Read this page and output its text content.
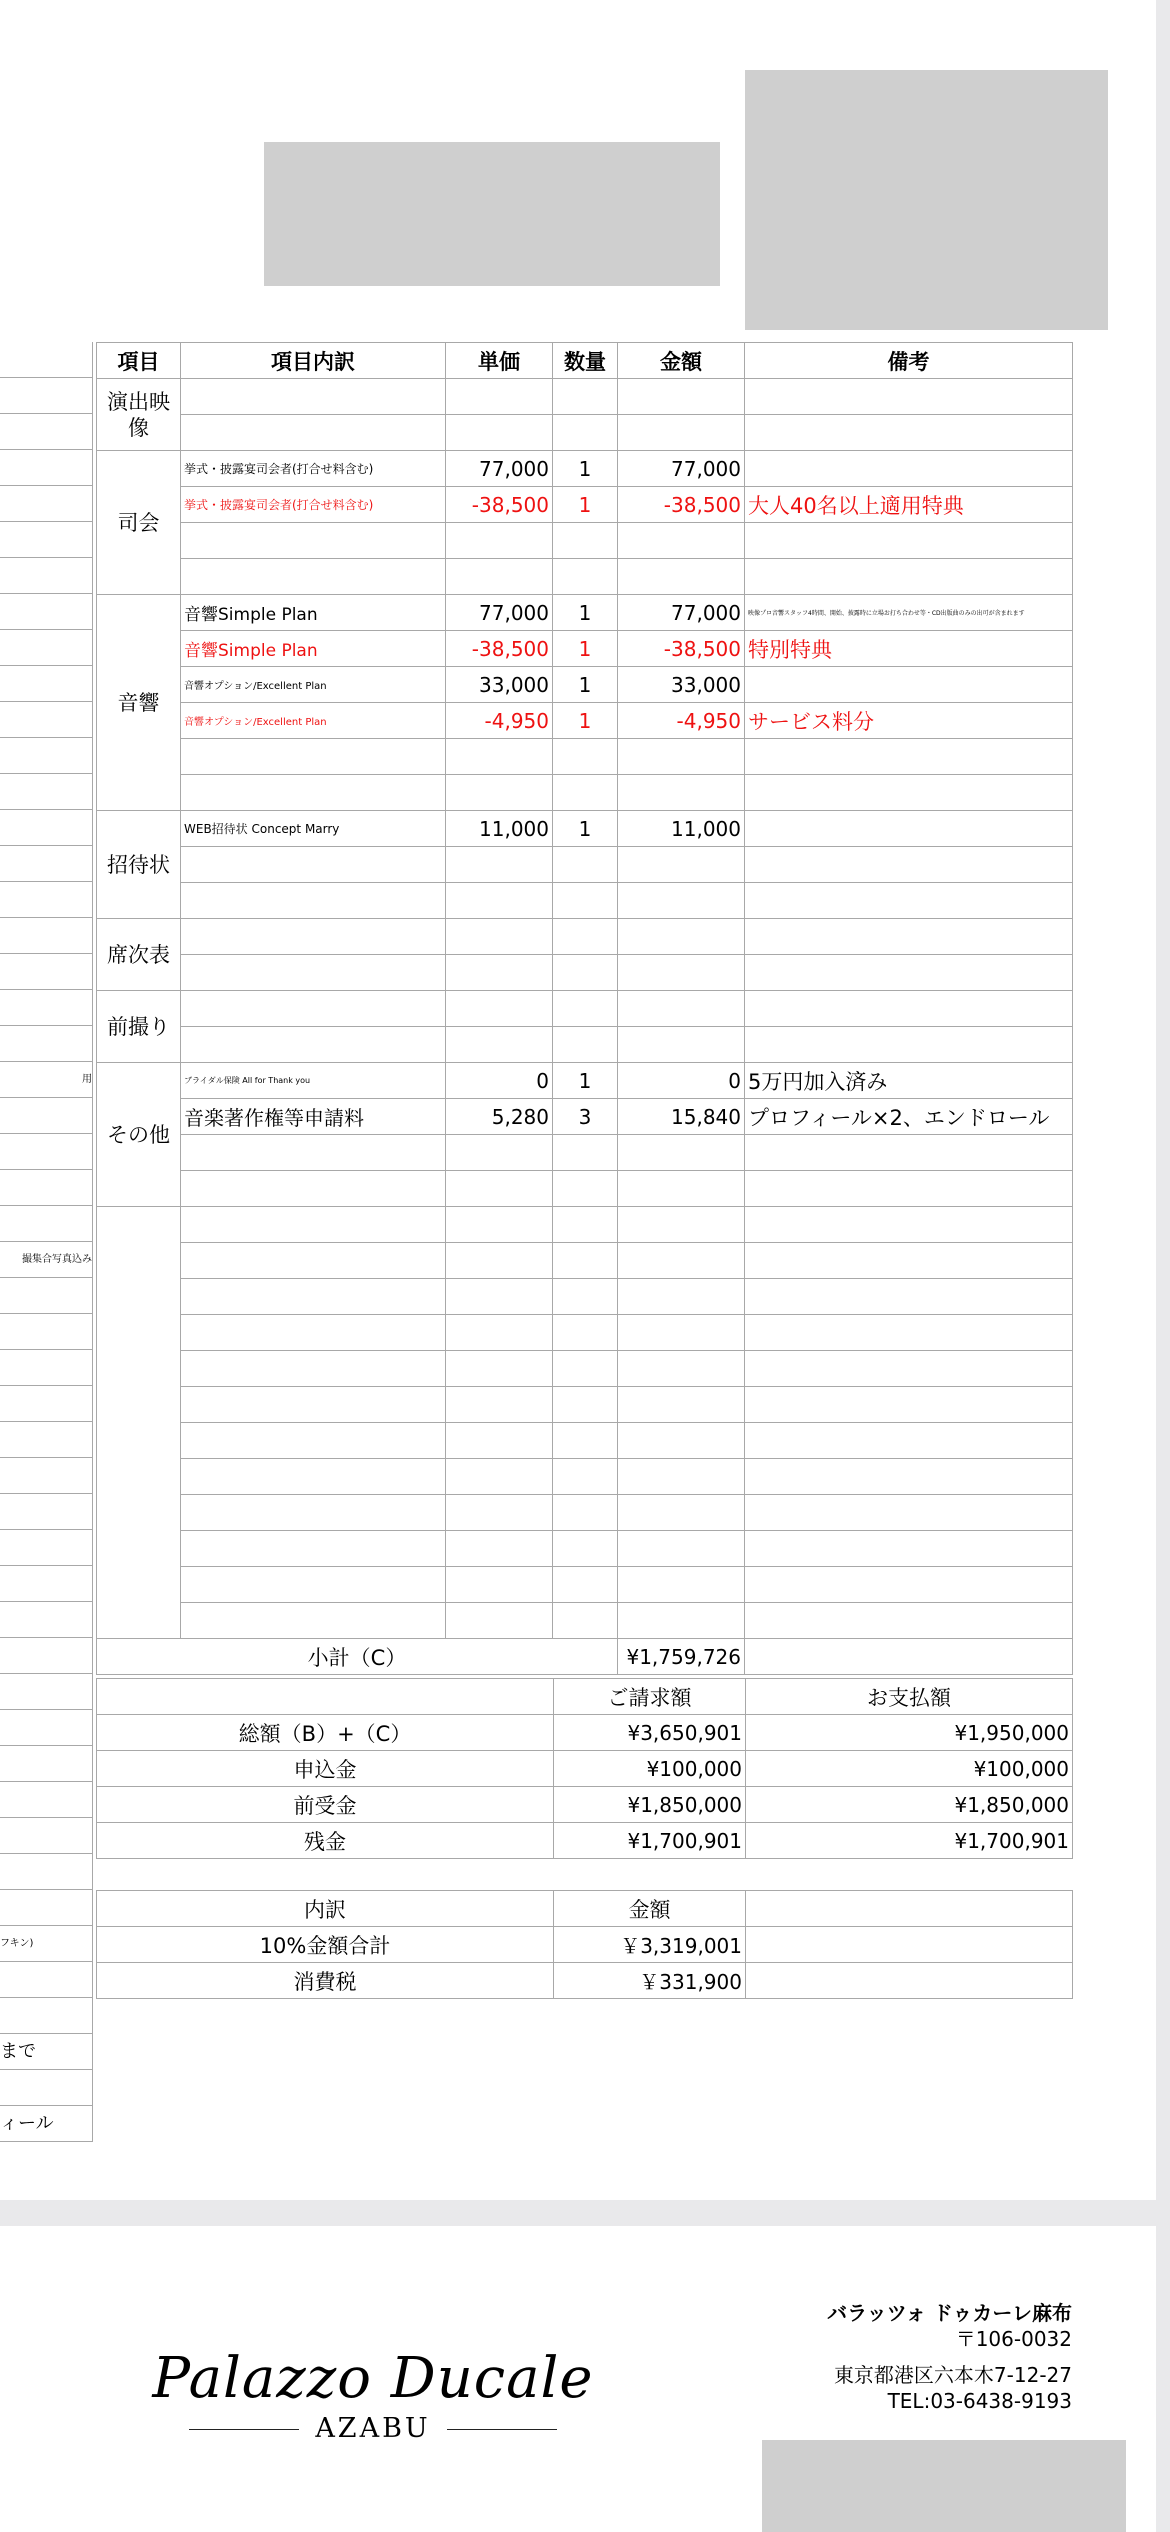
用
撮集合写真込み
フキン)
まで
ィール
項目	項目内訳	単価	数量	金額	備考
演出映像					

司会	挙式・披露宴司会者(打合せ料含む)	77,000	1	77,000	
	挙式・披露宴司会者(打合せ料含む)	-38,500	1	-38,500	大人40名以上適用特典

音響	音響Simple Plan	77,000	1	77,000	映像プロ音響スタッフ4時間、開始、披露時に立場お打ち合わせ等・CD出版曲のみの出可が含まれます
	音響Simple Plan	-38,500	1	-38,500	特別特典
	音響オプション/Excellent Plan	33,000	1	33,000	
	音響オプション/Excellent Plan	-4,950	1	-4,950	サービス料分

招待状	WEB招待状 Concept Marry	11,000	1	11,000	

席次表					

前撮り					

その他	ブライダル保険 All for Thank you	0	1	0	5万円加入済み
	音楽著作権等申請料	5,280	3	15,840	プロフィール×2、エンドロール

小計（C）				¥1,759,726	
	ご請求額	お支払額
総額（B）+（C）	¥3,650,901	¥1,950,000
申込金	¥100,000	¥100,000
前受金	¥1,850,000	¥1,850,000
残金	¥1,700,901	¥1,700,901
内訳	金額	
10%金額合計	￥3,319,001	
消費税	￥331,900	
Palazzo Ducale
AZABU
バラッツォ ドゥカーレ麻布
〒106-0032
東京都港区六本木7-12-27
TEL:03-6438-9193
